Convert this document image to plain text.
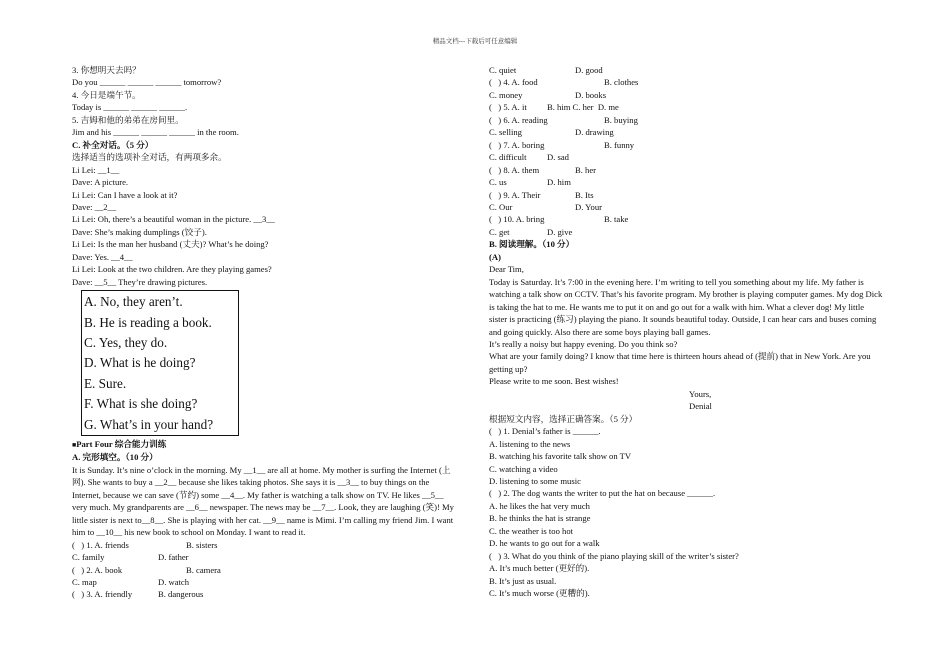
精品文档---下载后可任意编辑
3. 你想明天去吗？
Do you ______ ______ ______ tomorrow?
4. 今日是端午节。
Today is ______ ______ ______.
5. 吉姆和他的弟弟在房间里。
Jim and his ______ ______ ______ in the room.
C. 补全对话。（5 分）
选择适当的选项补全对话，有两项多余。
Li Lei: __1__
Dave: A picture.
Li Lei: Can I have a look at it?
Dave: __2__
Li Lei: Oh, there’s a beautiful woman in the picture. __3__
Dave: She’s making dumplings (饺子).
Li Lei: Is the man her husband (丈夫)? What’s he doing?
Dave: Yes. __4__
Li Lei: Look at the two children. Are they playing games?
Dave: __5__ They’re drawing pictures.
A. No, they aren’t.
B. He is reading a book.
C. Yes, they do.
D. What is he doing?
E. Sure.
F. What is she doing?
G. What’s in your hand?
■Part Four 综合能力训练
A. 完形填空。（10 分）
It is Sunday. It’s nine o’clock in the morning. My __1__ are all at home. My mother is surfing the Internet (上网). She wants to buy a __2__ because she likes taking photos. She says it is __3__ to buy things on the Internet, because we can save (节约) some __4__. My father is watching a talk show on TV. He likes __5__ very much. My grandparents are __6__ newspaper. The news may be __7__. Look, they are laughing (笑)! My little sister is next to__8__. She is playing with her cat. __9__ name is Mimi. I’m calling my friend Jim. I want him to __10__ his new book to school on Monday. I want to read it.
(   ) 1. A. friends	B. sisters
C. family	D. father
(   ) 2. A. book	B. camera
C. map	D. watch
(   ) 3. A. friendly	B. dangerous
C. quiet	D. good
(   ) 4. A. food	B. clothes
C. money	D. books
(   ) 5. A. it	B. him C. her  D. me
(   ) 6. A. reading	B. buying
C. selling	D. drawing
(   ) 7. A. boring	B. funny
C. difficult	D. sad
(   ) 8. A. them	B. her
C. us	D. him
(   ) 9. A. Their	B. Its
C. Our	D. Your
(   ) 10. A. bring	B. take
C. get	D. give
B. 阅读理解。（10 分）
(A)
Dear Tim,
Today is Saturday. It’s 7:00 in the evening here. I’m writing to tell you something about my life. My father is watching a talk show on CCTV. That’s his favorite program. My brother is playing computer games. My dog Dick is taking the hat to me. He wants me to put it on and go out for a walk with him. What a clever dog! My little sister is practicing (练习) playing the piano. It sounds beautiful today. Outside, I can hear cars and buses coming and going quickly. Also there are some boys playing ball games.
It’s really a noisy but happy evening. Do you think so?
What are your family doing? I know that time here is thirteen hours ahead of (提前) that in New York. Are you getting up?
Please write to me soon. Best wishes!
Yours,
Denial
根据短文内容，选择正确答案。（5 分）
(   ) 1. Denial’s father is ______.
A. listening to the news
B. watching his favorite talk show on TV
C. watching a video
D. listening to some music
(   ) 2. The dog wants the writer to put the hat on because ______.
A. he likes the hat very much
B. he thinks the hat is strange
C. the weather is too hot
D. he wants to go out for a walk
(   ) 3. What do you think of the piano playing skill of the writer’s sister?
A. It’s much better (更好的).
B. It’s just as usual.
C. It’s much worse (更糟的).
